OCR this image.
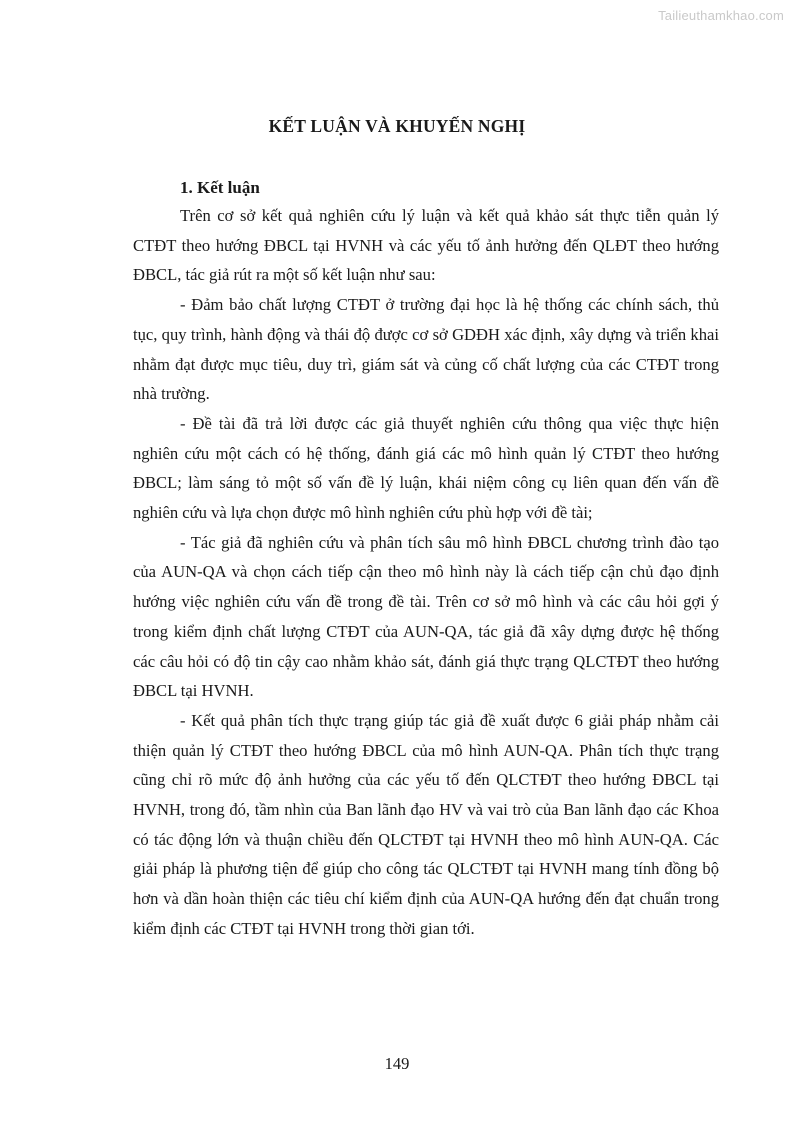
Tailieuthamkhao.com
KẾT LUẬN VÀ KHUYẾN NGHỊ
1. Kết luận

Trên cơ sở kết quả nghiên cứu lý luận và kết quả khảo sát thực tiễn quản lý CTĐT theo hướng ĐBCL tại HVNH và các yếu tố ảnh hưởng đến QLĐT theo hướng ĐBCL, tác giả rút ra một số kết luận như sau:

- Đảm bảo chất lượng CTĐT ở trường đại học là hệ thống các chính sách, thủ tục, quy trình, hành động và thái độ được cơ sở GDĐH xác định, xây dựng và triển khai nhằm đạt được mục tiêu, duy trì, giám sát và củng cố chất lượng của các CTĐT trong nhà trường.

- Đề tài đã trả lời được các giả thuyết nghiên cứu thông qua việc thực hiện nghiên cứu một cách có hệ thống, đánh giá các mô hình quản lý CTĐT theo hướng ĐBCL; làm sáng tỏ một số vấn đề lý luận, khái niệm công cụ liên quan đến vấn đề nghiên cứu và lựa chọn được mô hình nghiên cứu phù hợp với đề tài;

- Tác giả đã nghiên cứu và phân tích sâu mô hình ĐBCL chương trình đào tạo của AUN-QA và chọn cách tiếp cận theo mô hình này là cách tiếp cận chủ đạo định hướng việc nghiên cứu vấn đề trong đề tài. Trên cơ sở mô hình và các câu hỏi gợi ý trong kiểm định chất lượng CTĐT của AUN-QA, tác giả đã xây dựng được hệ thống các câu hỏi có độ tin cậy cao nhằm khảo sát, đánh giá thực trạng QLCTĐT theo hướng ĐBCL tại HVNH.

- Kết quả phân tích thực trạng giúp tác giả đề xuất được 6 giải pháp nhằm cải thiện quản lý CTĐT theo hướng ĐBCL của mô hình AUN-QA. Phân tích thực trạng cũng chỉ rõ mức độ ảnh hưởng của các yếu tố đến QLCTĐT theo hướng ĐBCL tại HVNH, trong đó, tầm nhìn của Ban lãnh đạo HV và vai trò của Ban lãnh đạo các Khoa có tác động lớn và thuận chiều đến QLCTĐT tại HVNH theo mô hình AUN-QA. Các giải pháp là phương tiện để giúp cho công tác QLCTĐT tại HVNH mang tính đồng bộ hơn và dần hoàn thiện các tiêu chí kiểm định của AUN-QA hướng đến đạt chuẩn trong kiểm định các CTĐT tại HVNH trong thời gian tới.

149
